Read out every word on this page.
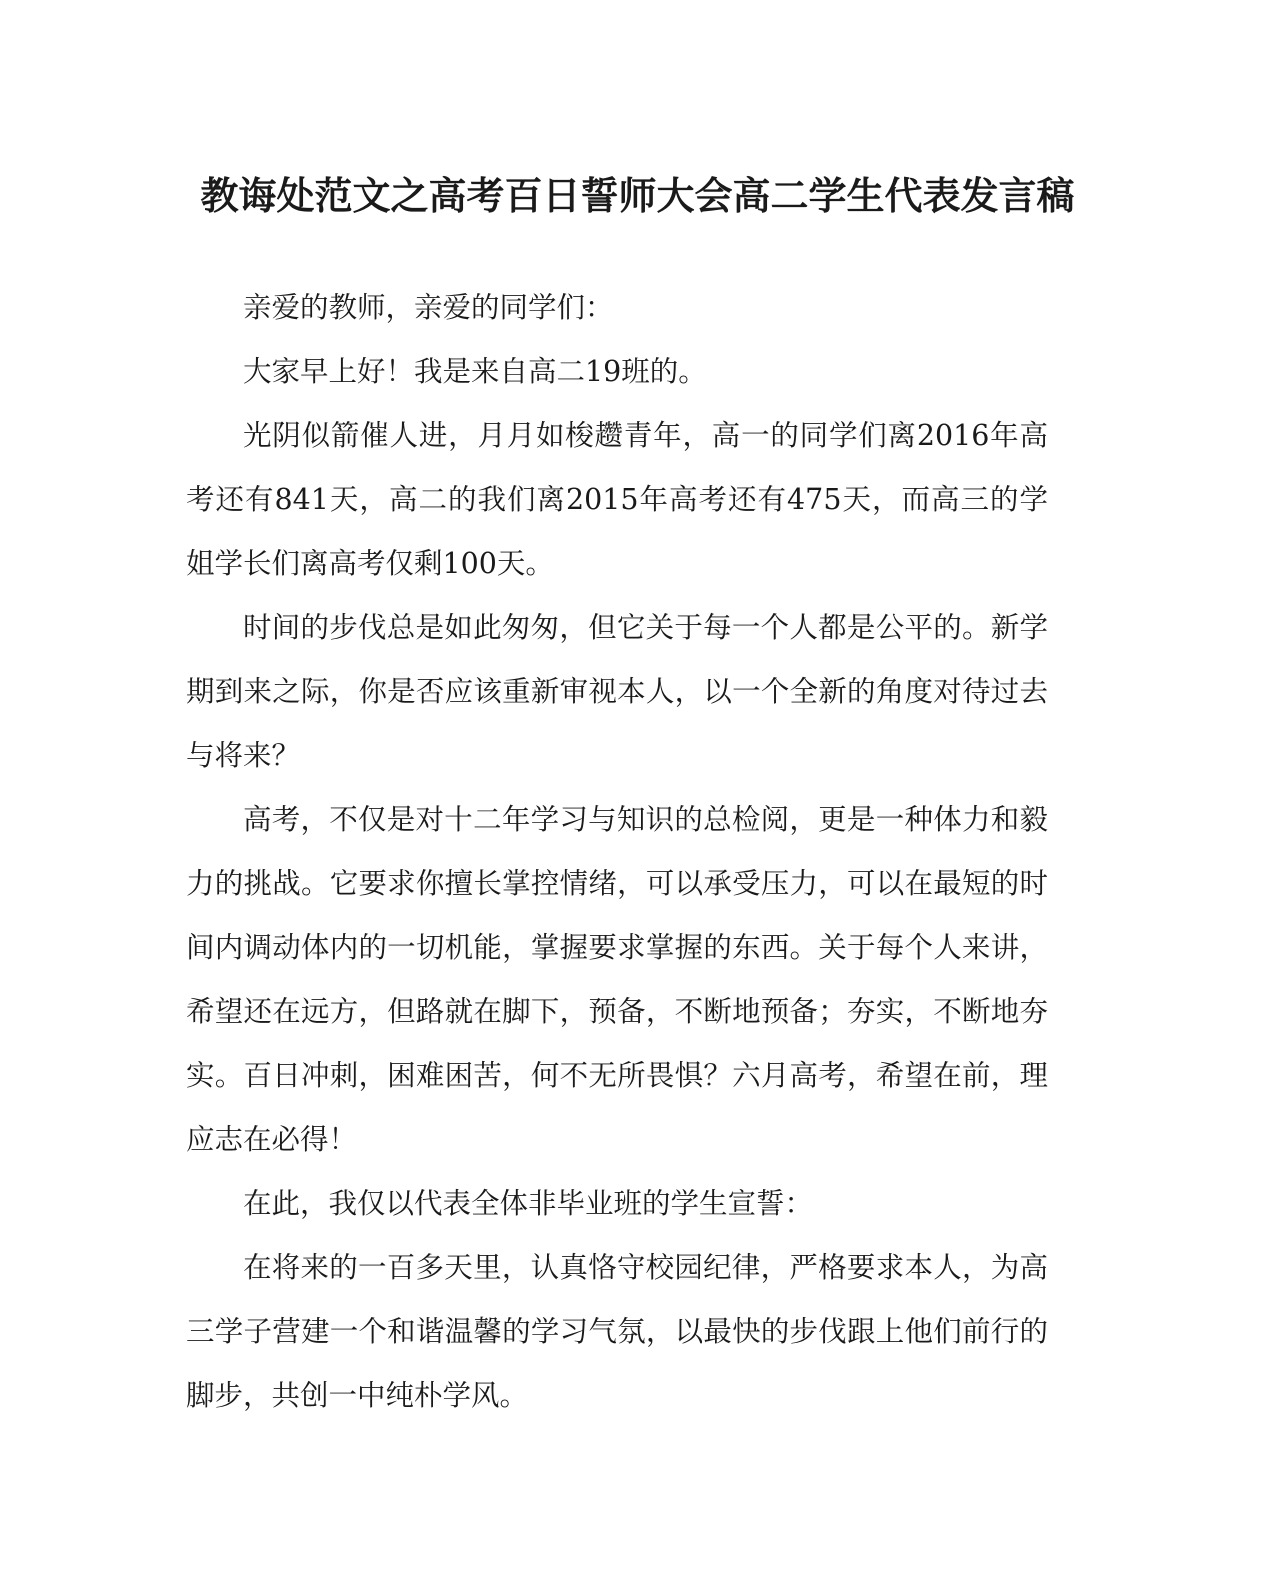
教诲处范文之高考百日誓师大会高二学生代表发言稿

亲爱的教师，亲爱的同学们：

大家早上好！我是来自高二19班的。

光阴似箭催人进，月月如梭趱青年，高一的同学们离2016年高考还有841天，高二的我们离2015年高考还有475天，而高三的学姐学长们离高考仅剩100天。

时间的步伐总是如此匆匆，但它关于每一个人都是公平的。新学期到来之际，你是否应该重新审视本人，以一个全新的角度对待过去与将来？

高考，不仅是对十二年学习与知识的总检阅，更是一种体力和毅力的挑战。它要求你擅长掌控情绪，可以承受压力，可以在最短的时间内调动体内的一切机能，掌握要求掌握的东西。关于每个人来讲，希望还在远方，但路就在脚下，预备，不断地预备；夯实，不断地夯实。百日冲刺，困难困苦，何不无所畏惧？六月高考，希望在前，理应志在必得！

在此，我仅以代表全体非毕业班的学生宣誓：

在将来的一百多天里，认真恪守校园纪律，严格要求本人，为高三学子营建一个和谐温馨的学习气氛，以最快的步伐跟上他们前行的脚步，共创一中纯朴学风。
